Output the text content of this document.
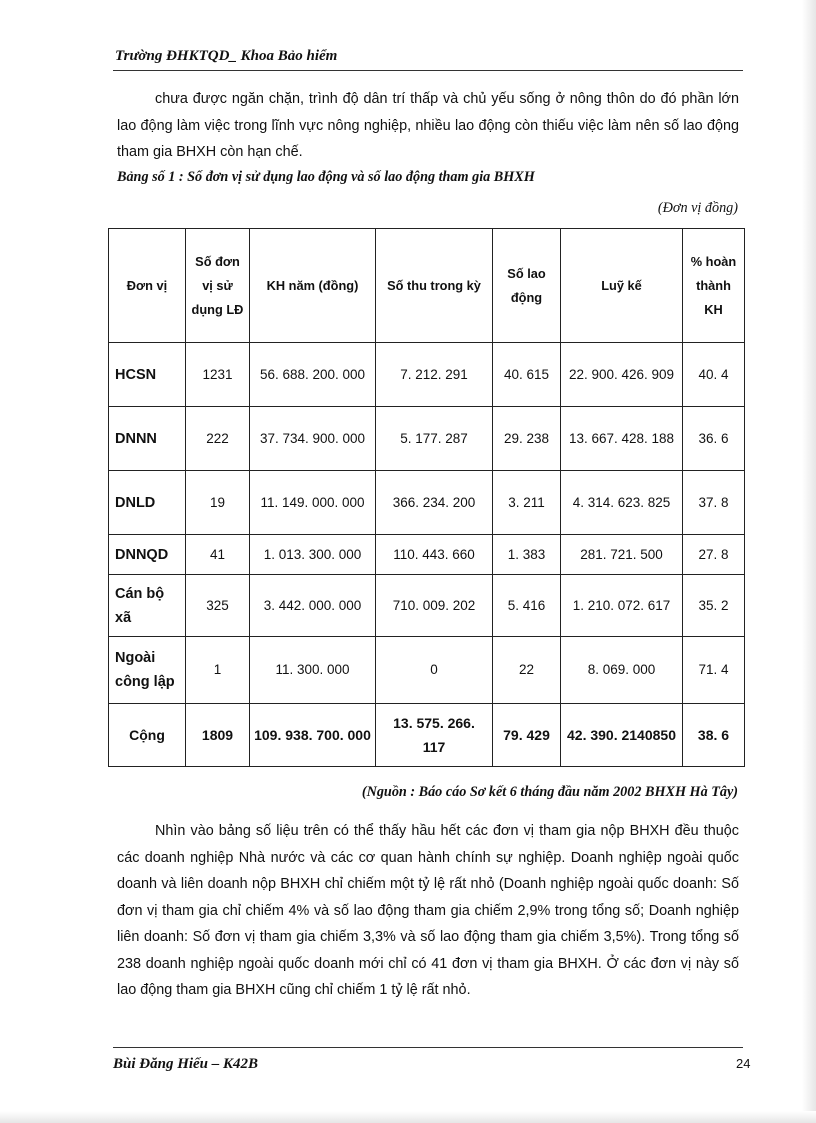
Trường ĐHKTQD_ Khoa Bảo hiểm

chưa được ngăn chặn, trình độ dân trí thấp và chủ yếu sống ở nông thôn do đó phần lớn lao động làm việc trong lĩnh vực nông nghiệp, nhiều lao động còn thiếu việc làm nên số lao động tham gia BHXH còn hạn chế.

Bảng số 1 : Số đơn vị sử dụng lao động và số lao động tham gia BHXH
(Đơn vị đồng)
Đơn vị	Số đơn vị sử dụng LĐ	KH năm (đồng)	Số thu trong kỳ	Số lao động	Luỹ kế	% hoàn thành KH
HCSN	1231	56. 688. 200. 000	7. 212. 291	40. 615	22. 900. 426. 909	40. 4
DNNN	222	37. 734. 900. 000	5. 177. 287	29. 238	13. 667. 428. 188	36. 6
DNLD	19	11. 149. 000. 000	366. 234. 200	3. 211	4. 314. 623. 825	37. 8
DNNQD	41	1. 013. 300. 000	110. 443. 660	1. 383	281. 721. 500	27. 8
Cán bộ xã	325	3. 442. 000. 000	710. 009. 202	5. 416	1. 210. 072. 617	35. 2
Ngoài công lập	1	11. 300. 000	0	22	8. 069. 000	71. 4
Cộng	1809	109. 938. 700. 000	13. 575. 266. 117	79. 429	42. 390. 2140850	38. 6
(Nguồn : Báo cáo Sơ kết 6 tháng đầu năm 2002 BHXH Hà Tây)

Nhìn vào bảng số liệu trên có thể thấy hầu hết các đơn vị tham gia nộp BHXH đều thuộc các doanh nghiệp Nhà nước và các cơ quan hành chính sự nghiệp. Doanh nghiệp ngoài quốc doanh và liên doanh nộp BHXH chỉ chiếm một tỷ lệ rất nhỏ (Doanh nghiệp ngoài quốc doanh: Số đơn vị tham gia chỉ chiếm 4% và số lao động tham gia chiếm 2,9% trong tổng số; Doanh nghiệp liên doanh: Số đơn vị tham gia chiếm 3,3% và số lao động tham gia chiếm 3,5%). Trong tổng số 238 doanh nghiệp ngoài quốc doanh mới chỉ có 41 đơn vị tham gia BHXH. Ở các đơn vị này số lao động tham gia BHXH cũng chỉ chiếm 1 tỷ lệ rất nhỏ.

Bùi Đăng Hiếu – K42B	24
